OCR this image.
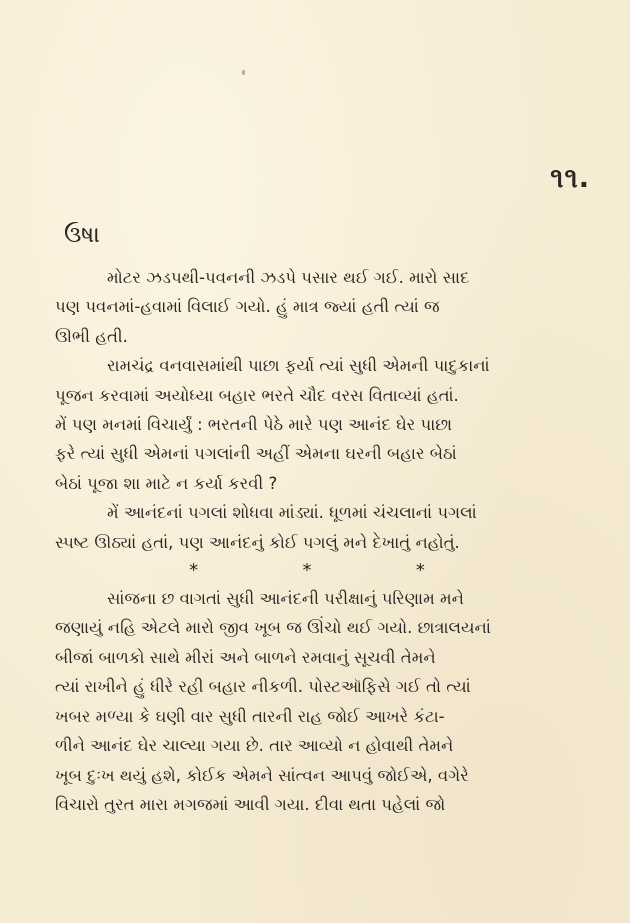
૧૧.
ઉષા

મોટર ઝડપથી-પવનની ઝડપે પસાર થઈ ગઈ. મારો સાદ
પણ પવનમાં-હવામાં વિલાઈ ગયો. હું માત્ર જ્યાં હતી ત્યાં જ
ઊભી હતી.

રામચંદ્ર વનવાસમાંથી પાછા ફર્યા ત્યાં સુધી એમની પાદુકાનાં
પૂજન કરવામાં અયોધ્યા બહાર ભરતે ચૌદ વરસ વિતાવ્યાં હતાં.
મેં પણ મનમાં વિચાર્યું : ભરતની પેઠે મારે પણ આનંદ ઘેર પાછા
ફરે ત્યાં સુધી એમનાં પગલાંની અહીં એમના ઘરની બહાર બેઠાં
બેઠાં પૂજા શા માટે ન કર્યા કરવી ?

મેં આનંદનાં પગલાં શોધવા માંડ્યાં. ધૂળમાં ચંચલાનાં પગલાં
સ્પષ્ટ ઊઠ્યાં હતાં, પણ આનંદનું કોઈ પગલું મને દેખાતું નહોતું.

*	*	*

સાંજના છ વાગતાં સુધી આનંદની પરીક્ષાનું પરિણામ મને
જણાયું નહિ એટલે મારો જીવ ખૂબ જ ઊંચો થઈ ગયો. છાત્રાલયનાં
બીજાં બાળકો સાથે મીરાં અને બાળને રમવાનું સૂચવી તેમને
ત્યાં રાખીને હું ધીરે રહી બહાર નીકળી. પોસ્ટઑફિસે ગઈ તો ત્યાં
ખબર મળ્યા કે ઘણી વાર સુધી તારની રાહ જોઈ આખરે કંટા-
ળીને આનંદ ઘેર ચાલ્યા ગયા છે. તાર આવ્યો ન હોવાથી તેમને
ખૂબ દુઃખ થયું હશે, કોઈક એમને સાંત્વન આપવું જોઈએ, વગેરે
વિચારો તુરત મારા મગજમાં આવી ગયા. દીવા થતા પહેલાં જો
